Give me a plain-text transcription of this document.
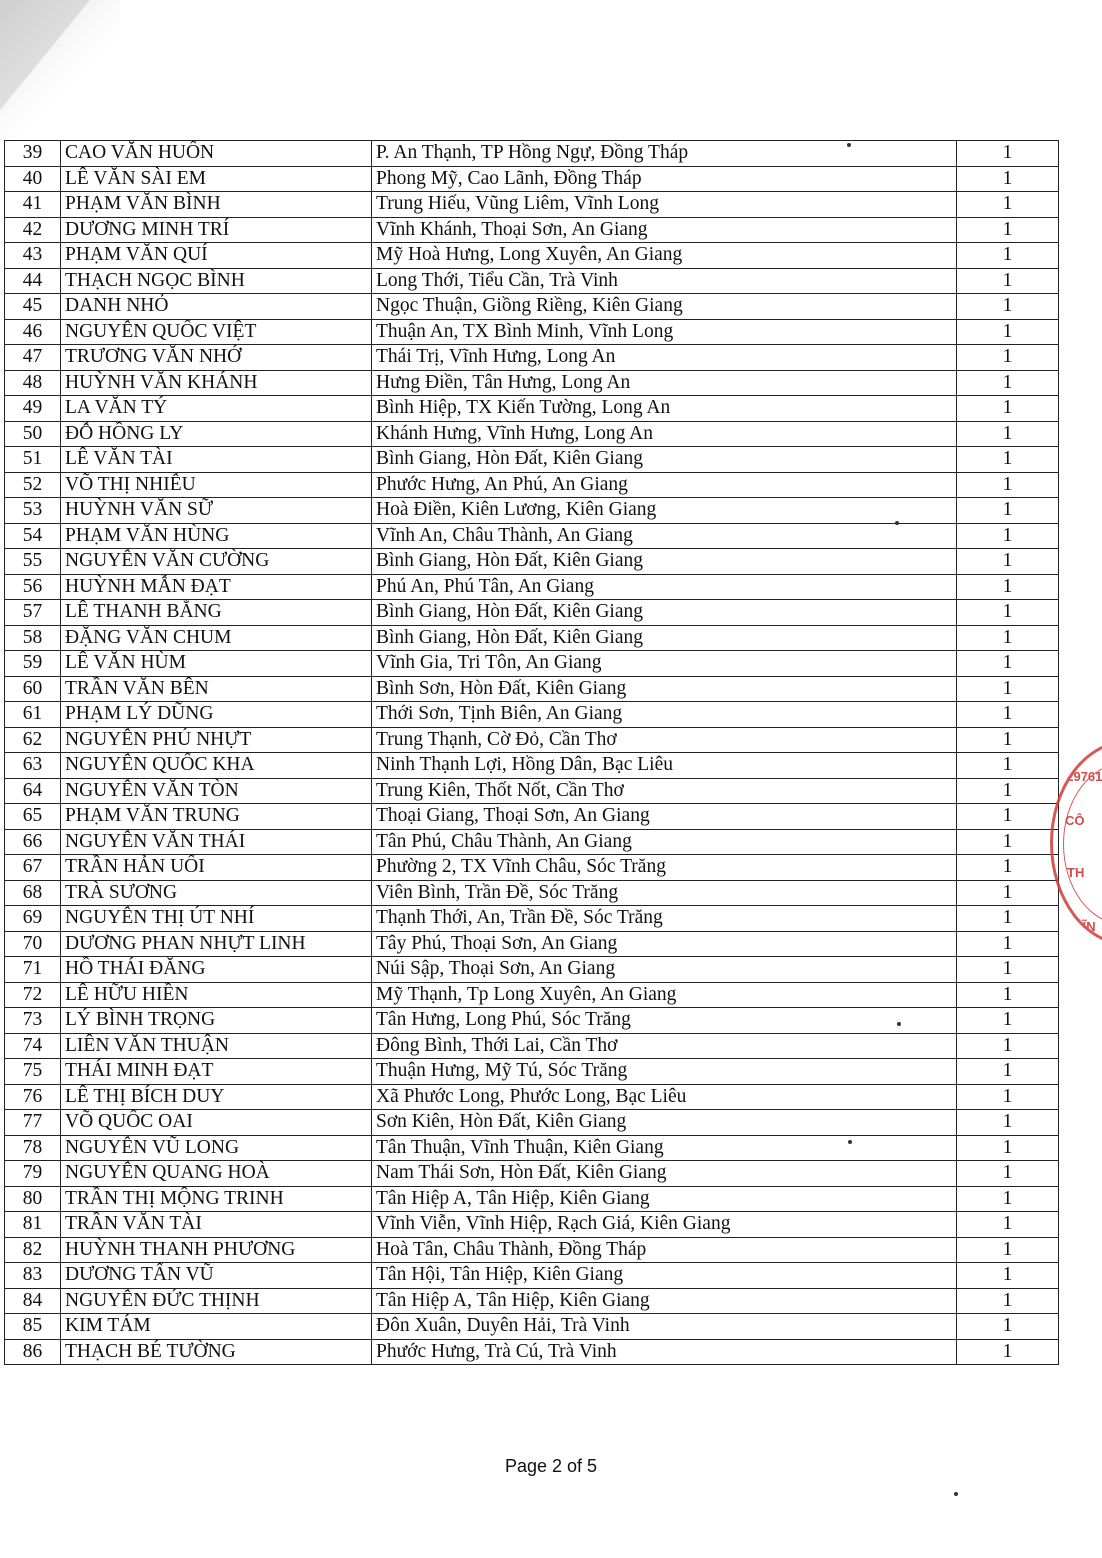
39	CAO VĂN HUỐN	P. An Thạnh, TP Hồng Ngự, Đồng Tháp	1
40	LÊ VĂN SÀI EM	Phong Mỹ, Cao Lãnh, Đồng Tháp	1
41	PHẠM VĂN BÌNH	Trung Hiếu, Vũng Liêm, Vĩnh Long	1
42	DƯƠNG MINH TRÍ	Vĩnh Khánh, Thoại Sơn, An Giang	1
43	PHẠM VĂN QUÍ	Mỹ Hoà Hưng, Long Xuyên, An Giang	1
44	THẠCH NGỌC BÌNH	Long Thới, Tiểu Cần, Trà Vinh	1
45	DANH NHỎ	Ngọc Thuận, Giồng Riềng, Kiên Giang	1
46	NGUYỄN QUỐC VIỆT	Thuận An, TX Bình Minh, Vĩnh Long	1
47	TRƯƠNG VĂN NHỚ	Thái Trị, Vĩnh Hưng, Long An	1
48	HUỲNH VĂN KHÁNH	Hưng Điền, Tân Hưng, Long An	1
49	LA VĂN TÝ	Bình Hiệp, TX Kiến Tường, Long An	1
50	ĐỖ HỒNG LY	Khánh Hưng, Vĩnh Hưng, Long An	1
51	LÊ VĂN TÀI	Bình Giang, Hòn Đất, Kiên Giang	1
52	VÕ THỊ NHIỄU	Phước Hưng, An Phú, An Giang	1
53	HUỲNH VĂN SỮ	Hoà Điền, Kiên Lương, Kiên Giang	1
54	PHẠM VĂN HÙNG	Vĩnh An, Châu Thành, An Giang	1
55	NGUYỄN VĂN CƯỜNG	Bình Giang, Hòn Đất, Kiên Giang	1
56	HUỲNH MẪN ĐẠT	Phú An, Phú Tân, An Giang	1
57	LÊ THANH BẰNG	Bình Giang, Hòn Đất, Kiên Giang	1
58	ĐẶNG VĂN CHUM	Bình Giang, Hòn Đất, Kiên Giang	1
59	LÊ VĂN HÙM	Vĩnh Gia, Tri Tôn, An Giang	1
60	TRẦN VĂN BÊN	Bình Sơn, Hòn Đất, Kiên Giang	1
61	PHẠM LÝ DŨNG	Thới Sơn, Tịnh Biên, An Giang	1
62	NGUYỄN PHÚ NHỰT	Trung Thạnh, Cờ Đỏ, Cần Thơ	1
63	NGUYỄN QUỐC KHA	Ninh Thạnh Lợi, Hồng Dân, Bạc Liêu	1
64	NGUYỄN VĂN TÒN	Trung Kiên, Thốt Nốt, Cần Thơ	1
65	PHẠM VĂN TRUNG	Thoại Giang, Thoại Sơn, An Giang	1
66	NGUYỄN VĂN THÁI	Tân Phú, Châu Thành, An Giang	1
67	TRẦN HẢN UỐI	Phường 2, TX Vĩnh Châu, Sóc Trăng	1
68	TRÀ SƯƠNG	Viên Bình, Trần Đề, Sóc Trăng	1
69	NGUYỄN THỊ ÚT NHÍ	Thạnh Thới, An, Trần Đề, Sóc Trăng	1
70	DƯƠNG PHAN NHỰT LINH	Tây Phú, Thoại Sơn, An Giang	1
71	HỒ THÁI ĐĂNG	Núi Sập, Thoại Sơn, An Giang	1
72	LÊ HỮU HIỀN	Mỹ Thạnh, Tp Long Xuyên, An Giang	1
73	LÝ BÌNH TRỌNG	Tân Hưng, Long Phú, Sóc Trăng	1
74	LIÊN VĂN THUẬN	Đông Bình, Thới Lai, Cần Thơ	1
75	THÁI MINH ĐẠT	Thuận Hưng, Mỹ Tú, Sóc Trăng	1
76	LÊ THỊ BÍCH DUY	Xã Phước Long, Phước Long, Bạc Liêu	1
77	VÕ QUỐC OAI	Sơn Kiên, Hòn Đất, Kiên Giang	1
78	NGUYỄN VŨ LONG	Tân Thuận, Vĩnh Thuận, Kiên Giang	1
79	NGUYỄN QUANG HOÀ	Nam Thái Sơn, Hòn Đất, Kiên Giang	1
80	TRẦN THỊ MỘNG TRINH	Tân Hiệp A, Tân Hiệp, Kiên Giang	1
81	TRẦN VĂN TÀI	Vĩnh Viễn, Vĩnh Hiệp, Rạch Giá, Kiên Giang	1
82	HUỲNH THANH PHƯƠNG	Hoà Tân, Châu Thành, Đồng Tháp	1
83	DƯƠNG TẤN VŨ	Tân Hội, Tân Hiệp, Kiên Giang	1
84	NGUYỄN ĐỨC THỊNH	Tân Hiệp A, Tân Hiệp, Kiên Giang	1
85	KIM TÁM	Đôn Xuân, Duyên Hải, Trà Vinh	1
86	THẠCH BÉ TƯỜNG	Phước Hưng, Trà Cú, Trà Vinh	1
029761
CÔ
TH
H.VĨN
Page 2 of 5
